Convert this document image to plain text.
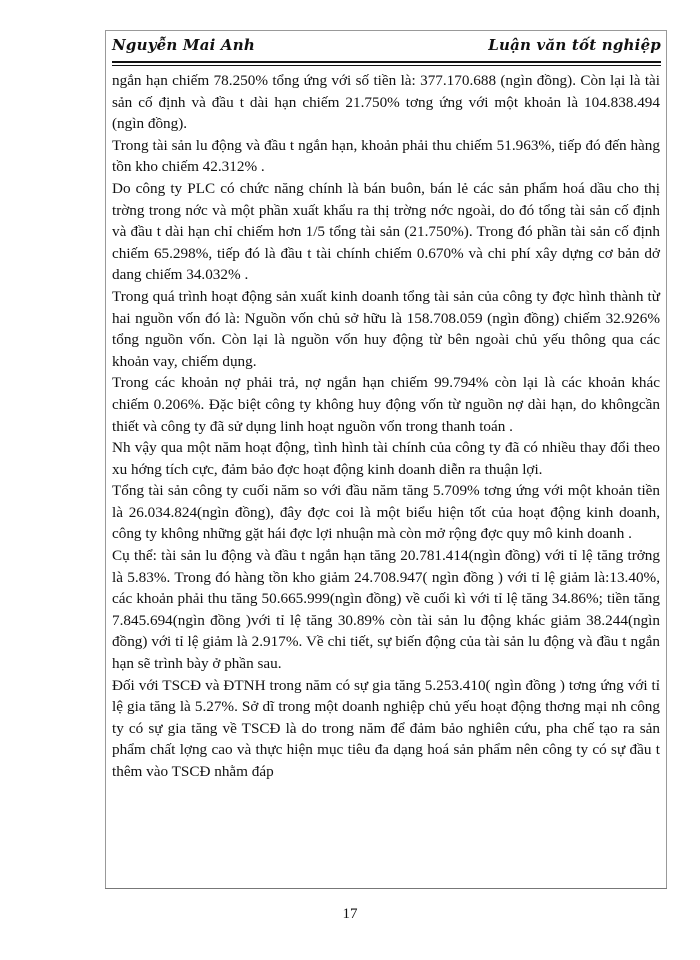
Nguyễn Mai Anh	Luận văn tốt nghiệp

ngắn hạn chiếm 78.250% tổng ứng với số tiền là: 377.170.688 (ngìn đồng). Còn lại là tài sản cố định và đầu t dài hạn chiếm 21.750% tơng ứng với một khoản là 104.838.494 (ngìn đồng).

Trong tài sản lu động và đầu t ngắn hạn, khoản phải thu chiếm 51.963%, tiếp đó đến hàng tồn kho chiếm 42.312% .

Do công ty PLC có chức năng chính là bán buôn, bán lẻ các sản phẩm hoá dầu cho thị trờng trong nớc và một phần xuất khẩu ra thị trờng nớc ngoài, do đó tổng tài sản cố định và đầu t dài hạn chỉ chiếm hơn 1/5 tổng tài sản (21.750%). Trong đó phần tài sản cố định chiếm 65.298%, tiếp đó là đầu t tài chính chiếm 0.670% và chi phí xây dựng cơ bản dở dang chiếm 34.032% .

Trong quá trình hoạt động sản xuất kinh doanh tổng tài sản của công ty đợc hình thành từ hai nguồn vốn đó là: Nguồn vốn chủ sở hữu là 158.708.059 (ngìn đồng) chiếm 32.926% tổng nguồn vốn. Còn lại là nguồn vốn huy động từ bên ngoài chủ yếu thông qua các khoản vay, chiếm dụng.

Trong các khoản nợ phải trả, nợ ngắn hạn chiếm 99.794% còn lại là các khoản khác chiếm 0.206%. Đặc biệt công ty không huy động vốn từ nguồn nợ dài hạn, do khôngcần thiết và công ty đã sử dụng linh hoạt nguồn vốn trong thanh toán .

Nh vậy qua một năm hoạt động, tình hình tài chính của công ty đã có nhiều thay đổi theo xu hớng tích cực, đảm bảo đợc hoạt động kinh doanh diễn ra thuận lợi.

Tổng tài sản công ty cuối năm so với đầu năm tăng 5.709% tơng ứng với một khoản tiền là 26.034.824(ngìn đồng), đây đợc coi là một biểu hiện tốt của hoạt động kinh doanh, công ty không những gặt hái đợc lợi nhuận mà còn mở rộng đợc quy mô kinh doanh .

Cụ thể: tài sản lu động và đầu t ngắn hạn tăng 20.781.414(ngìn đồng) với tỉ lệ tăng trởng là 5.83%. Trong đó hàng tồn kho giảm 24.708.947( ngìn đồng ) với tỉ lệ giảm là:13.40%, các khoản phải thu tăng 50.665.999(ngìn đồng) về cuối kì với tỉ lệ tăng 34.86%; tiền tăng 7.845.694(ngìn đồng )với tỉ lệ tăng 30.89% còn tài sản lu động khác giảm 38.244(ngìn đồng) với tỉ lệ giảm là 2.917%. Về chi tiết, sự biến động của tài sản lu động và đầu t ngắn hạn sẽ trình bày ở phần sau.

Đối với TSCĐ và ĐTNH trong năm có sự gia tăng 5.253.410( ngìn đồng ) tơng ứng với tỉ lệ gia tăng là 5.27%. Sở dĩ trong một doanh nghiệp chủ yếu hoạt động thơng mại nh công ty có sự gia tăng về TSCĐ là do trong năm để đảm bảo nghiên cứu, pha chế tạo ra sản phẩm chất lợng cao và thực hiện mục tiêu đa dạng hoá sản phẩm nên công ty có sự đầu t thêm vào TSCĐ nhằm đáp

17
